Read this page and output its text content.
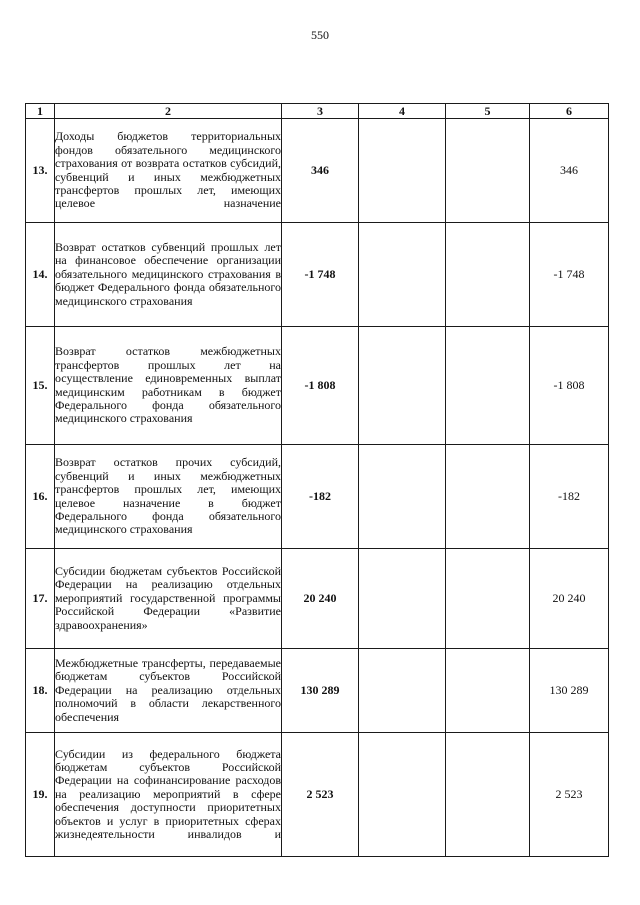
550
1	2	3	4	5	6
13.	Доходы бюджетов территориальных фондов обязательного медицинского страхования от возврата остатков субсидий, субвенций и иных межбюджетных трансфертов прошлых лет, имеющих целевое назначение	346			346
14.	Возврат остатков субвенций прошлых лет на финансовое обеспечение организации обязательного медицинского страхования в бюджет Федерального фонда обязательного медицинского страхования	-1 748			-1 748
15.	Возврат остатков межбюджетных трансфертов прошлых лет на осуществление единовременных выплат медицинским работникам в бюджет Федерального фонда обязательного медицинского страхования	-1 808			-1 808
16.	Возврат остатков прочих субсидий, субвенций и иных межбюджетных трансфертов прошлых лет, имеющих целевое назначение в бюджет Федерального фонда обязательного медицинского страхования	-182			-182
17.	Субсидии бюджетам субъектов Российской Федерации на реализацию отдельных мероприятий государственной программы Российской Федерации «Развитие здравоохранения»	20 240			20 240
18.	Межбюджетные трансферты, передаваемые бюджетам субъектов Российской Федерации на реализацию отдельных полномочий в области лекарственного обеспечения	130 289			130 289
19.	Субсидии из федерального бюджета бюджетам субъектов Российской Федерации на софинансирование расходов на реализацию мероприятий в сфере обеспечения доступности приоритетных объектов и услуг в приоритетных сферах жизнедеятельности инвалидов и	2 523			2 523
